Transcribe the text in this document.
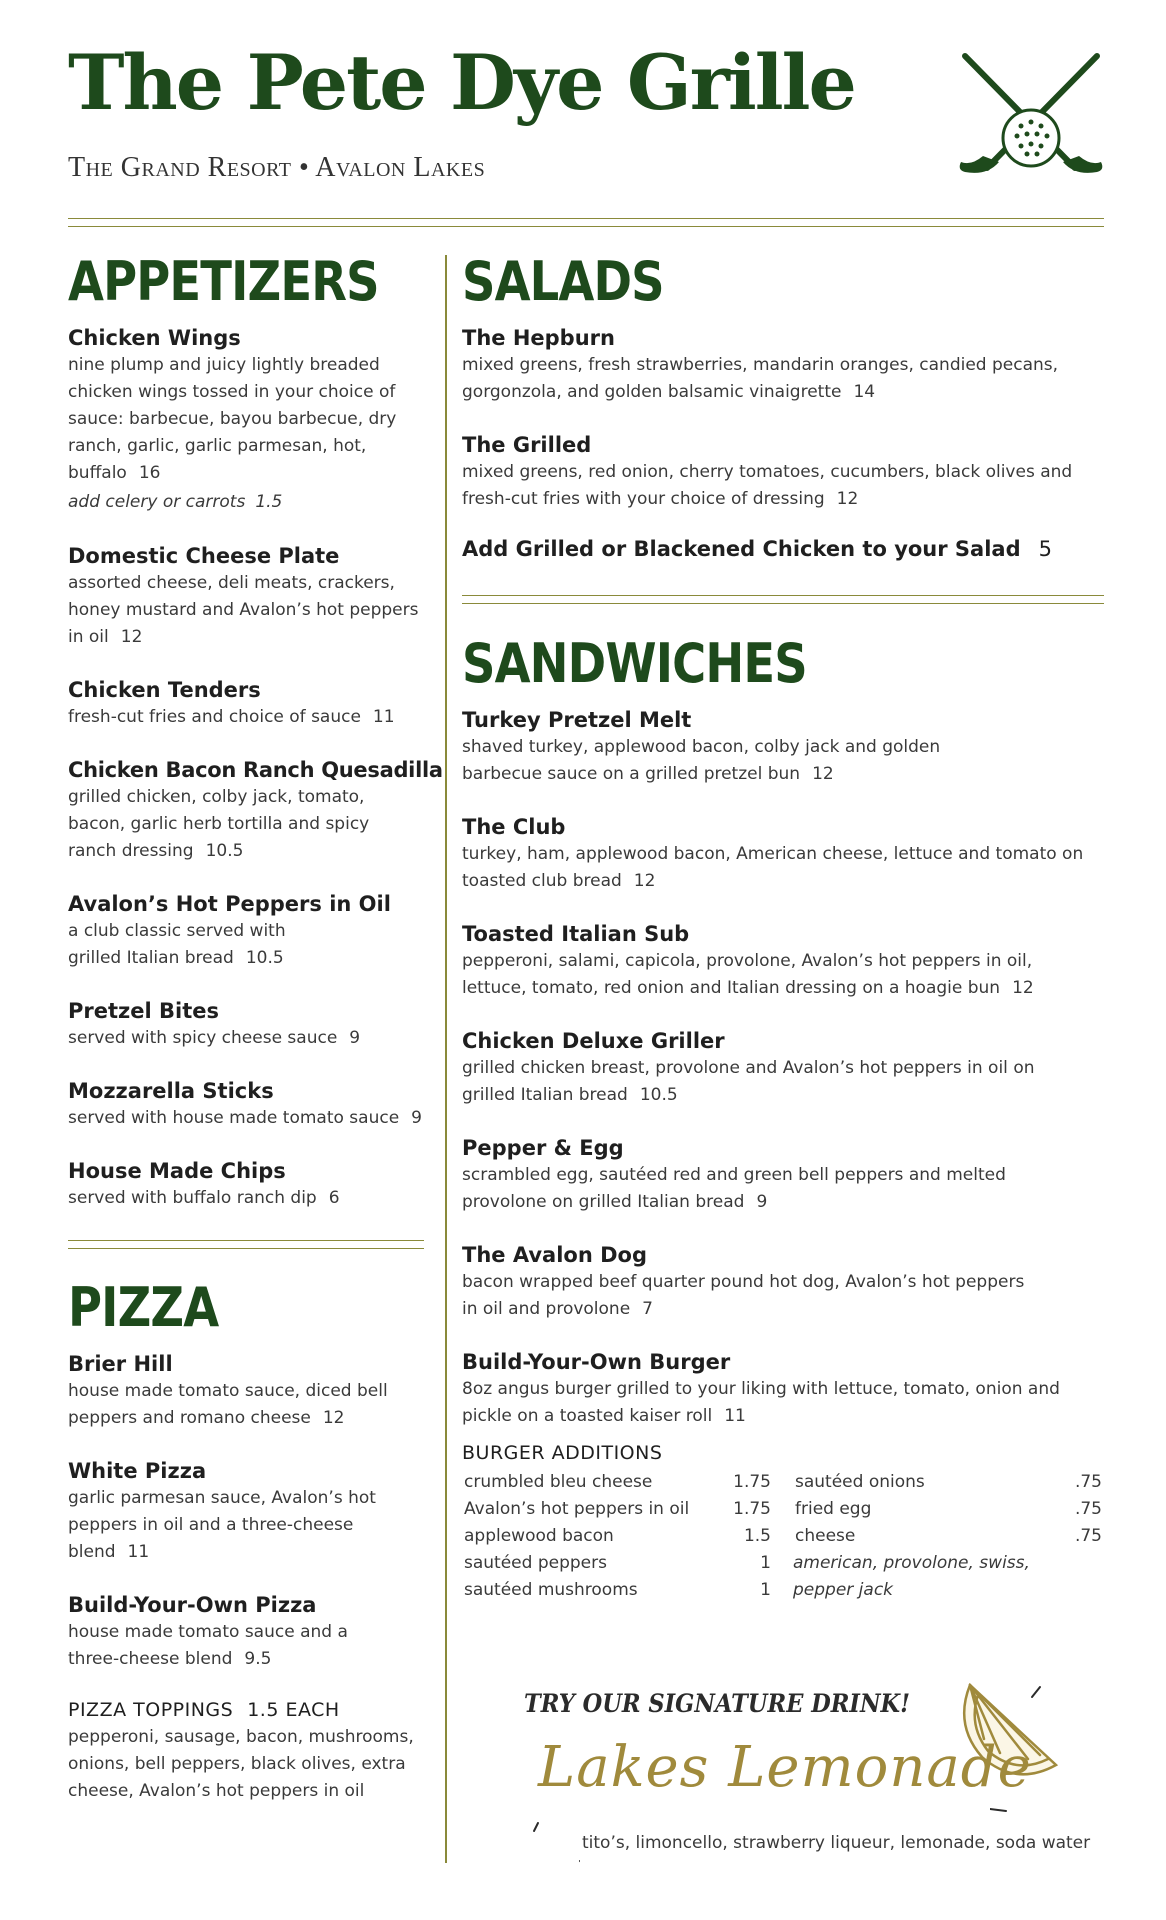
The Pete Dye Grille
The Grand Resort • Avalon Lakes
APPETIZERS
Chicken Wings
nine plump and juicy lightly breaded chicken wings tossed in your choice of sauce: barbecue, bayou barbecue, dry ranch, garlic, garlic parmesan, hot, buffalo 16
add celery or carrots 1.5
Domestic Cheese Plate
assorted cheese, deli meats, crackers, honey mustard and Avalon’s hot peppers in oil 12
Chicken Tenders
fresh-cut fries and choice of sauce 11
Chicken Bacon Ranch Quesadilla
grilled chicken, colby jack, tomato, bacon, garlic herb tortilla and spicy ranch dressing 10.5
Avalon’s Hot Peppers in Oil
a club classic served with grilled Italian bread 10.5
Pretzel Bites
served with spicy cheese sauce 9
Mozzarella Sticks
served with house made tomato sauce 9
House Made Chips
served with buffalo ranch dip 6
PIZZA
Brier Hill
house made tomato sauce, diced bell peppers and romano cheese 12
White Pizza
garlic parmesan sauce, Avalon’s hot peppers in oil and a three-cheese blend 11
Build-Your-Own Pizza
house made tomato sauce and a three-cheese blend 9.5
PIZZA TOPPINGS 1.5 EACH
pepperoni, sausage, bacon, mushrooms, onions, bell peppers, black olives, extra cheese, Avalon’s hot peppers in oil
SALADS
The Hepburn
mixed greens, fresh strawberries, mandarin oranges, candied pecans, gorgonzola, and golden balsamic vinaigrette 14
The Grilled
mixed greens, red onion, cherry tomatoes, cucumbers, black olives and fresh-cut fries with your choice of dressing 12
Add Grilled or Blackened Chicken to your Salad 5
SANDWICHES
Turkey Pretzel Melt
shaved turkey, applewood bacon, colby jack and golden barbecue sauce on a grilled pretzel bun 12
The Club
turkey, ham, applewood bacon, American cheese, lettuce and tomato on toasted club bread 12
Toasted Italian Sub
pepperoni, salami, capicola, provolone, Avalon’s hot peppers in oil, lettuce, tomato, red onion and Italian dressing on a hoagie bun 12
Chicken Deluxe Griller
grilled chicken breast, provolone and Avalon’s hot peppers in oil on grilled Italian bread 10.5
Pepper & Egg
scrambled egg, sautéed red and green bell peppers and melted provolone on grilled Italian bread 9
The Avalon Dog
bacon wrapped beef quarter pound hot dog, Avalon’s hot peppers in oil and provolone 7
Build-Your-Own Burger
8oz angus burger grilled to your liking with lettuce, tomato, onion and pickle on a toasted kaiser roll 11
BURGER ADDITIONS
crumbled bleu cheese	1.75
Avalon’s hot peppers in oil	1.75
applewood bacon	1.5
sautéed peppers	1
sautéed mushrooms	1
sautéed onions	.75
fried egg	.75
cheese	.75
american, provolone, swiss, pepper jack
TRY OUR SIGNATURE DRINK!
Lakes Lemonade
tito’s, limoncello, strawberry liqueur, lemonade, soda water
